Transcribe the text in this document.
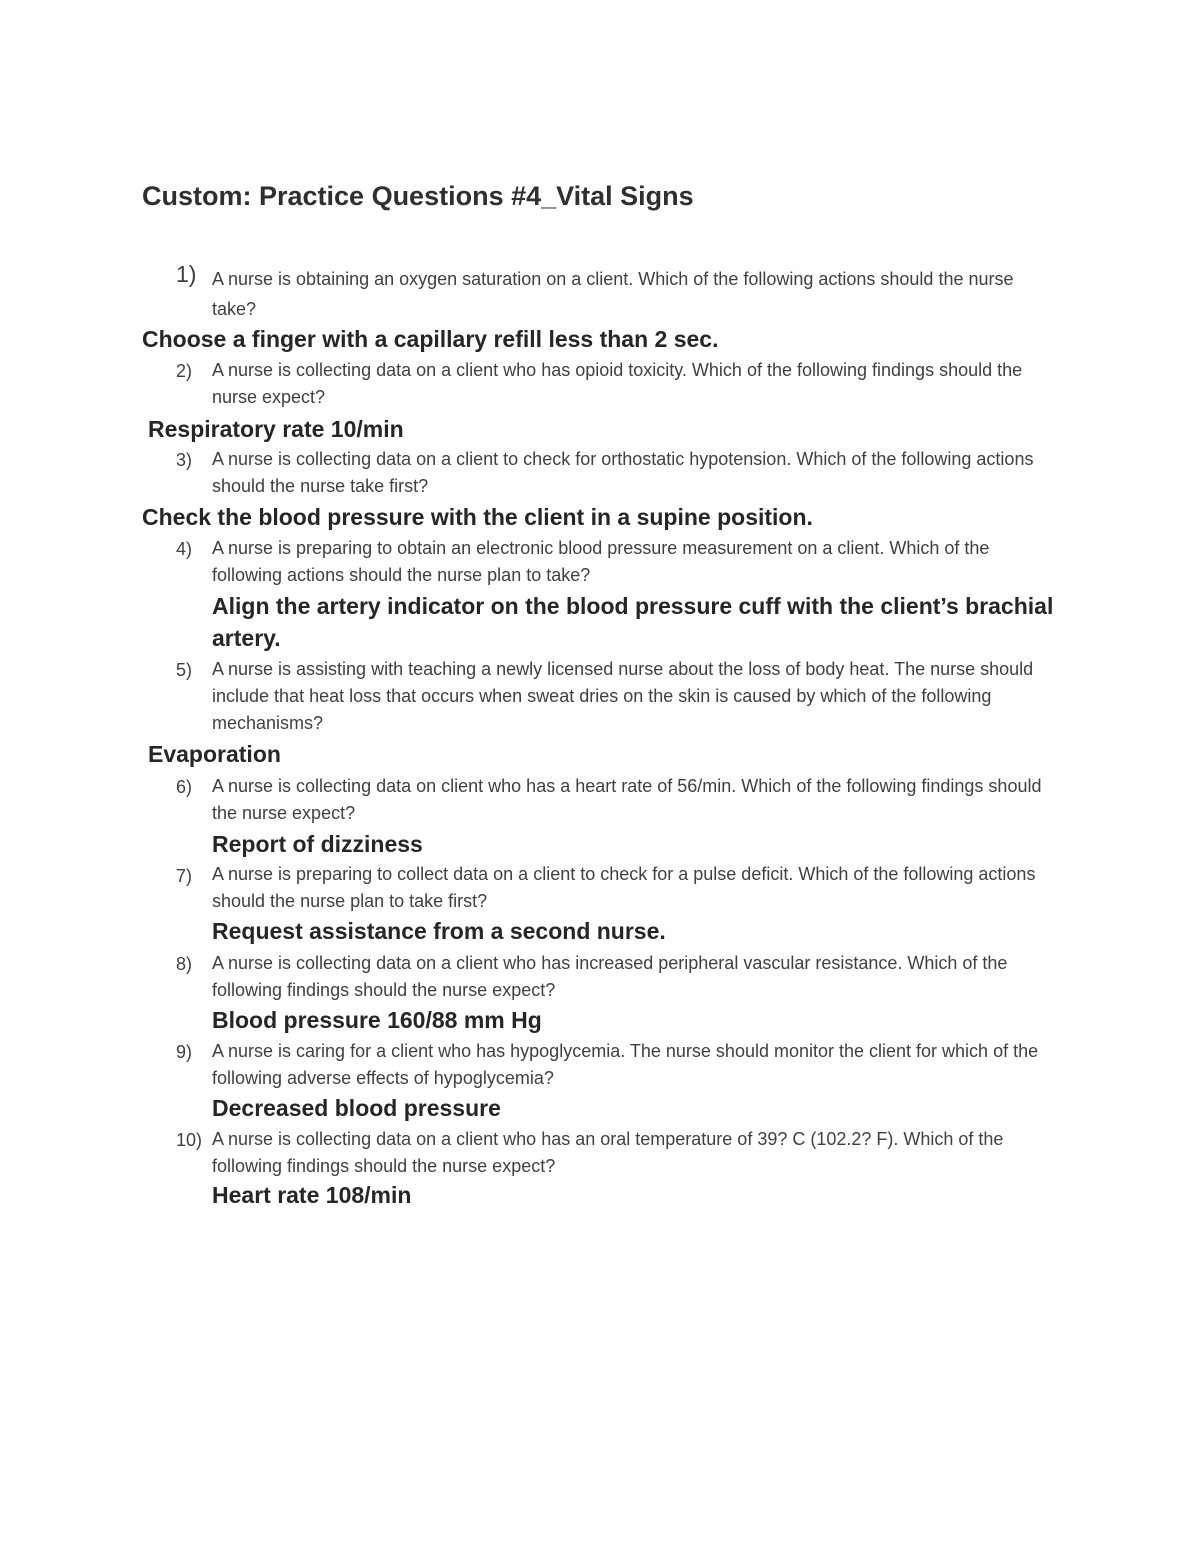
Custom: Practice Questions #4_Vital Signs
1) A nurse is obtaining an oxygen saturation on a client. Which of the following actions should the nurse take?
Choose a finger with a capillary refill less than 2 sec.
2) A nurse is collecting data on a client who has opioid toxicity. Which of the following findings should the nurse expect?
Respiratory rate 10/min
3) A nurse is collecting data on a client to check for orthostatic hypotension. Which of the following actions should the nurse take first?
Check the blood pressure with the client in a supine position.
4) A nurse is preparing to obtain an electronic blood pressure measurement on a client. Which of the following actions should the nurse plan to take?
Align the artery indicator on the blood pressure cuff with the client’s brachial artery.
5) A nurse is assisting with teaching a newly licensed nurse about the loss of body heat. The nurse should include that heat loss that occurs when sweat dries on the skin is caused by which of the following mechanisms?
Evaporation
6) A nurse is collecting data on client who has a heart rate of 56/min. Which of the following findings should the nurse expect?
Report of dizziness
7) A nurse is preparing to collect data on a client to check for a pulse deficit. Which of the following actions should the nurse plan to take first?
Request assistance from a second nurse.
8) A nurse is collecting data on a client who has increased peripheral vascular resistance. Which of the following findings should the nurse expect?
Blood pressure 160/88 mm Hg
9) A nurse is caring for a client who has hypoglycemia. The nurse should monitor the client for which of the following adverse effects of hypoglycemia?
Decreased blood pressure
10) A nurse is collecting data on a client who has an oral temperature of 39? C (102.2? F). Which of the following findings should the nurse expect?
Heart rate 108/min
